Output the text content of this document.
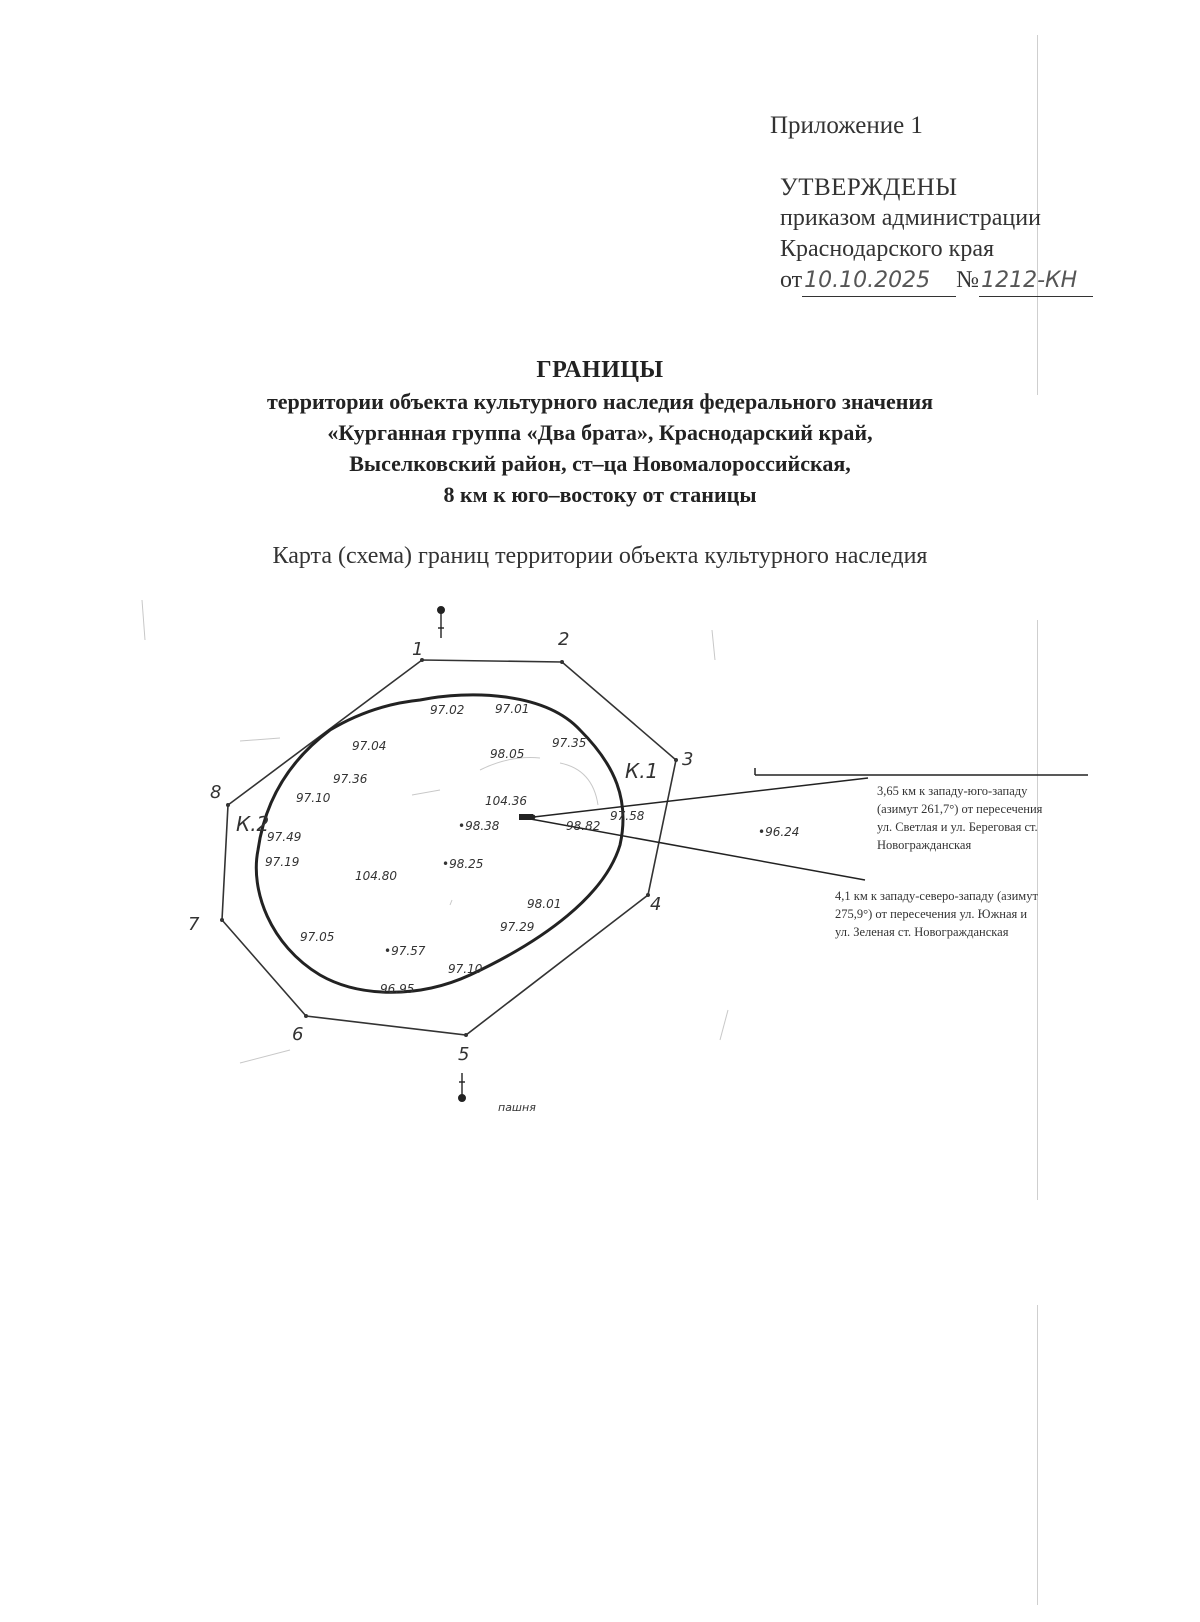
Приложение 1
УТВЕРЖДЕНЫ
приказом администрации
Краснодарского края
от10.10.2025 №1212-КН
ГРАНИЦЫ
территории объекта культурного наследия федерального значения
«Курганная группа «Два брата», Краснодарский край,
Выселковский район, ст–ца Новомалороссийская,
8 км к юго–востоку от станицы
Карта (схема) границ территории объекта культурного наследия
1	2
3
4
5
6
7
8
К.1
К.2
97.02	97.01
97.04
98.05
97.35
97.36
97.10	104.36
•98.38	98.82
97.58
97.49
97.19
104.80
•98.25
98.01
97.29
97.05
•97.57
97.10
96.95
•96.24
пашня
3,65 км к западу-юго-западу
(азимут 261,7°) от пересечения
ул. Светлая и ул. Береговая ст.
Новогражданская
4,1 км к западу-северо-западу (азимут
275,9°) от пересечения ул. Южная и
ул. Зеленая ст. Новогражданская
